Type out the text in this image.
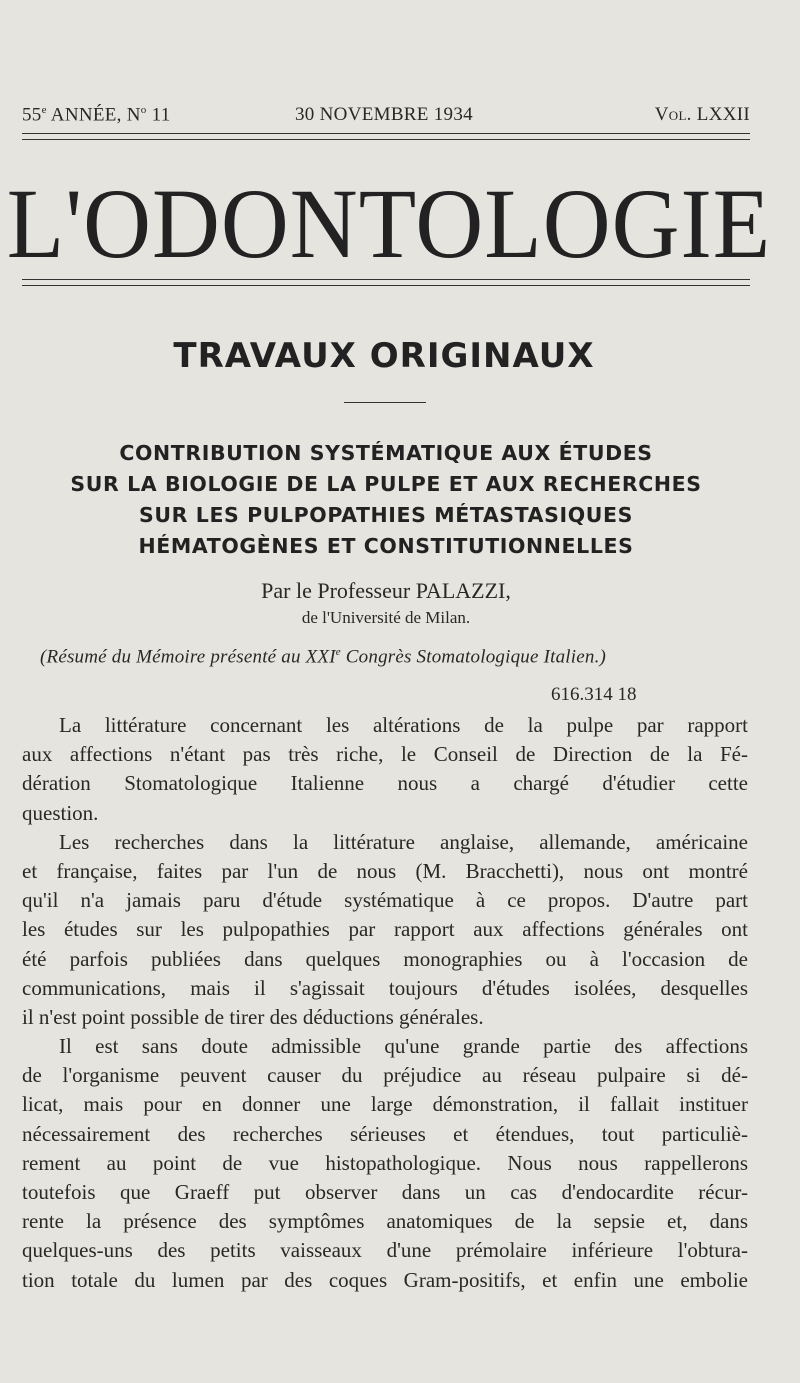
55e ANNÉE, $N^o$ 11	30 NOVEMBRE 1934	Vol. LXXII
L'ODONTOLOGIE
TRAVAUX ORIGINAUX
CONTRIBUTION SYSTÉMATIQUE AUX ÉTUDES
SUR LA BIOLOGIE DE LA PULPE ET AUX RECHERCHES
SUR LES PULPOPATHIES MÉTASTASIQUES
HÉMATOGÈNES ET CONSTITUTIONNELLES
Par le Professeur PALAZZI,
de l'Université de Milan.
(Résumé du Mémoire présenté au XXIe Congrès Stomatologique Italien.)
616.314 18

La littérature concernant les altérations de la pulpe par rapport
aux affections n'étant pas très riche, le Conseil de Direction de la Fé-
dération Stomatologique Italienne nous a chargé d'étudier cette
question.

Les recherches dans la littérature anglaise, allemande, américaine
et française, faites par l'un de nous (M. Bracchetti), nous ont montré
qu'il n'a jamais paru d'étude systématique à ce propos. D'autre part
les études sur les pulpopathies par rapport aux affections générales ont
été parfois publiées dans quelques monographies ou à l'occasion de
communications, mais il s'agissait toujours d'études isolées, desquelles
il n'est point possible de tirer des déductions générales.

Il est sans doute admissible qu'une grande partie des affections
de l'organisme peuvent causer du préjudice au réseau pulpaire si dé-
licat, mais pour en donner une large démonstration, il fallait instituer
nécessairement des recherches sérieuses et étendues, tout particuliè-
rement au point de vue histopathologique. Nous nous rappellerons
toutefois que Graeff put observer dans un cas d'endocardite récur-
rente la présence des symptômes anatomiques de la sepsie et, dans
quelques-uns des petits vaisseaux d'une prémolaire inférieure l'obtura-
tion totale du lumen par des coques Gram-positifs, et enfin une embolie
